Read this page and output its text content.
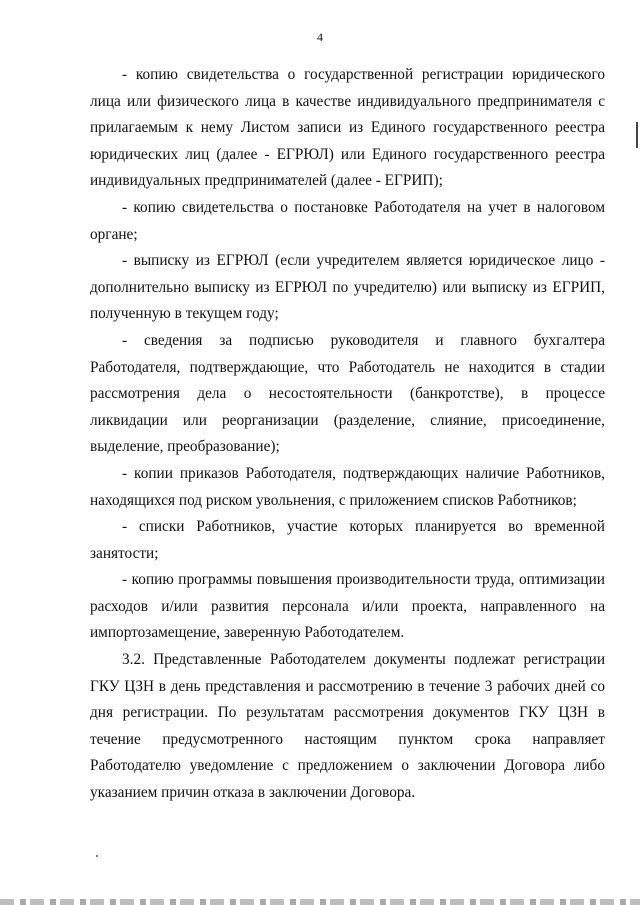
4

- копию свидетельства о государственной регистрации юридического лица или физического лица в качестве индивидуального предпринимателя с прилагаемым к нему Листом записи из Единого государственного реестра юридических лиц (далее - ЕГРЮЛ) или Единого государственного реестра индивидуальных предпринимателей (далее - ЕГРИП);

- копию свидетельства о постановке Работодателя на учет в налоговом органе;

- выписку из ЕГРЮЛ (если учредителем является юридическое лицо - дополнительно выписку из ЕГРЮЛ по учредителю) или выписку из ЕГРИП, полученную в текущем году;

- сведения за подписью руководителя и главного бухгалтера Работодателя, подтверждающие, что Работодатель не находится в стадии рассмотрения дела о несостоятельности (банкротстве), в процессе ликвидации или реорганизации (разделение, слияние, присоединение, выделение, преобразование);

- копии приказов Работодателя, подтверждающих наличие Работников, находящихся под риском увольнения, с приложением списков Работников;

- списки Работников, участие которых планируется во временной занятости;

- копию программы повышения производительности труда, оптимизации расходов и/или развития персонала и/или проекта, направленного на импортозамещение, заверенную Работодателем.

3.2. Представленные Работодателем документы подлежат регистрации ГКУ ЦЗН в день представления и рассмотрению в течение 3 рабочих дней со дня регистрации. По результатам рассмотрения документов ГКУ ЦЗН в течение предусмотренного настоящим пунктом срока направляет Работодателю уведомление с предложением о заключении Договора либо указанием причин отказа в заключении Договора.
